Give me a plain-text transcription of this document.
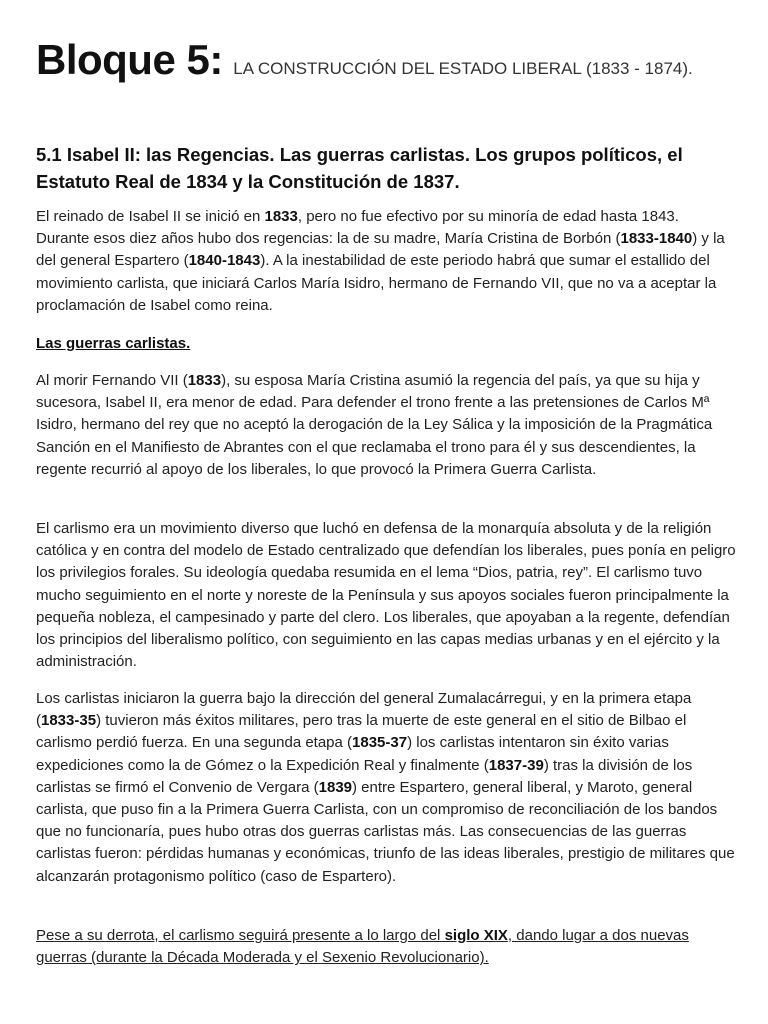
Bloque 5: LA CONSTRUCCIÓN DEL ESTADO LIBERAL (1833 - 1874).
5.1 Isabel II: las Regencias. Las guerras carlistas. Los grupos políticos, el Estatuto Real de 1834 y la Constitución de 1837.

El reinado de Isabel II se inició en 1833, pero no fue efectivo por su minoría de edad hasta 1843. Durante esos diez años hubo dos regencias: la de su madre, María Cristina de Borbón (1833-1840) y la del general Espartero (1840-1843). A la inestabilidad de este periodo habrá que sumar el estallido del movimiento carlista, que iniciará Carlos María Isidro, hermano de Fernando VII, que no va a aceptar la proclamación de Isabel como reina.

Las guerras carlistas.

Al morir Fernando VII (1833), su esposa María Cristina asumió la regencia del país, ya que su hija y sucesora, Isabel II, era menor de edad. Para defender el trono frente a las pretensiones de Carlos Mª Isidro, hermano del rey que no aceptó la derogación de la Ley Sálica y la imposición de la Pragmática Sanción en el Manifiesto de Abrantes con el que reclamaba el trono para él y sus descendientes, la regente recurrió al apoyo de los liberales, lo que provocó la Primera Guerra Carlista.

El carlismo era un movimiento diverso que luchó en defensa de la monarquía absoluta y de la religión católica y en contra del modelo de Estado centralizado que defendían los liberales, pues ponía en peligro los privilegios forales. Su ideología quedaba resumida en el lema “Dios, patria, rey”. El carlismo tuvo mucho seguimiento en el norte y noreste de la Península y sus apoyos sociales fueron principalmente la pequeña nobleza, el campesinado y parte del clero. Los liberales, que apoyaban a la regente, defendían los principios del liberalismo político, con seguimiento en las capas medias urbanas y en el ejército y la administración.

Los carlistas iniciaron la guerra bajo la dirección del general Zumalacárregui, y en la primera etapa (1833-35) tuvieron más éxitos militares, pero tras la muerte de este general en el sitio de Bilbao el carlismo perdió fuerza. En una segunda etapa (1835-37) los carlistas intentaron sin éxito varias expediciones como la de Gómez o la Expedición Real y finalmente (1837-39) tras la división de los carlistas se firmó el Convenio de Vergara (1839) entre Espartero, general liberal, y Maroto, general carlista, que puso fin a la Primera Guerra Carlista, con un compromiso de reconciliación de los bandos que no funcionaría, pues hubo otras dos guerras carlistas más. Las consecuencias de las guerras carlistas fueron: pérdidas humanas y económicas, triunfo de las ideas liberales, prestigio de militares que alcanzarán protagonismo político (caso de Espartero).

Pese a su derrota, el carlismo seguirá presente a lo largo del siglo XIX, dando lugar a dos nuevas guerras (durante la Década Moderada y el Sexenio Revolucionario).
